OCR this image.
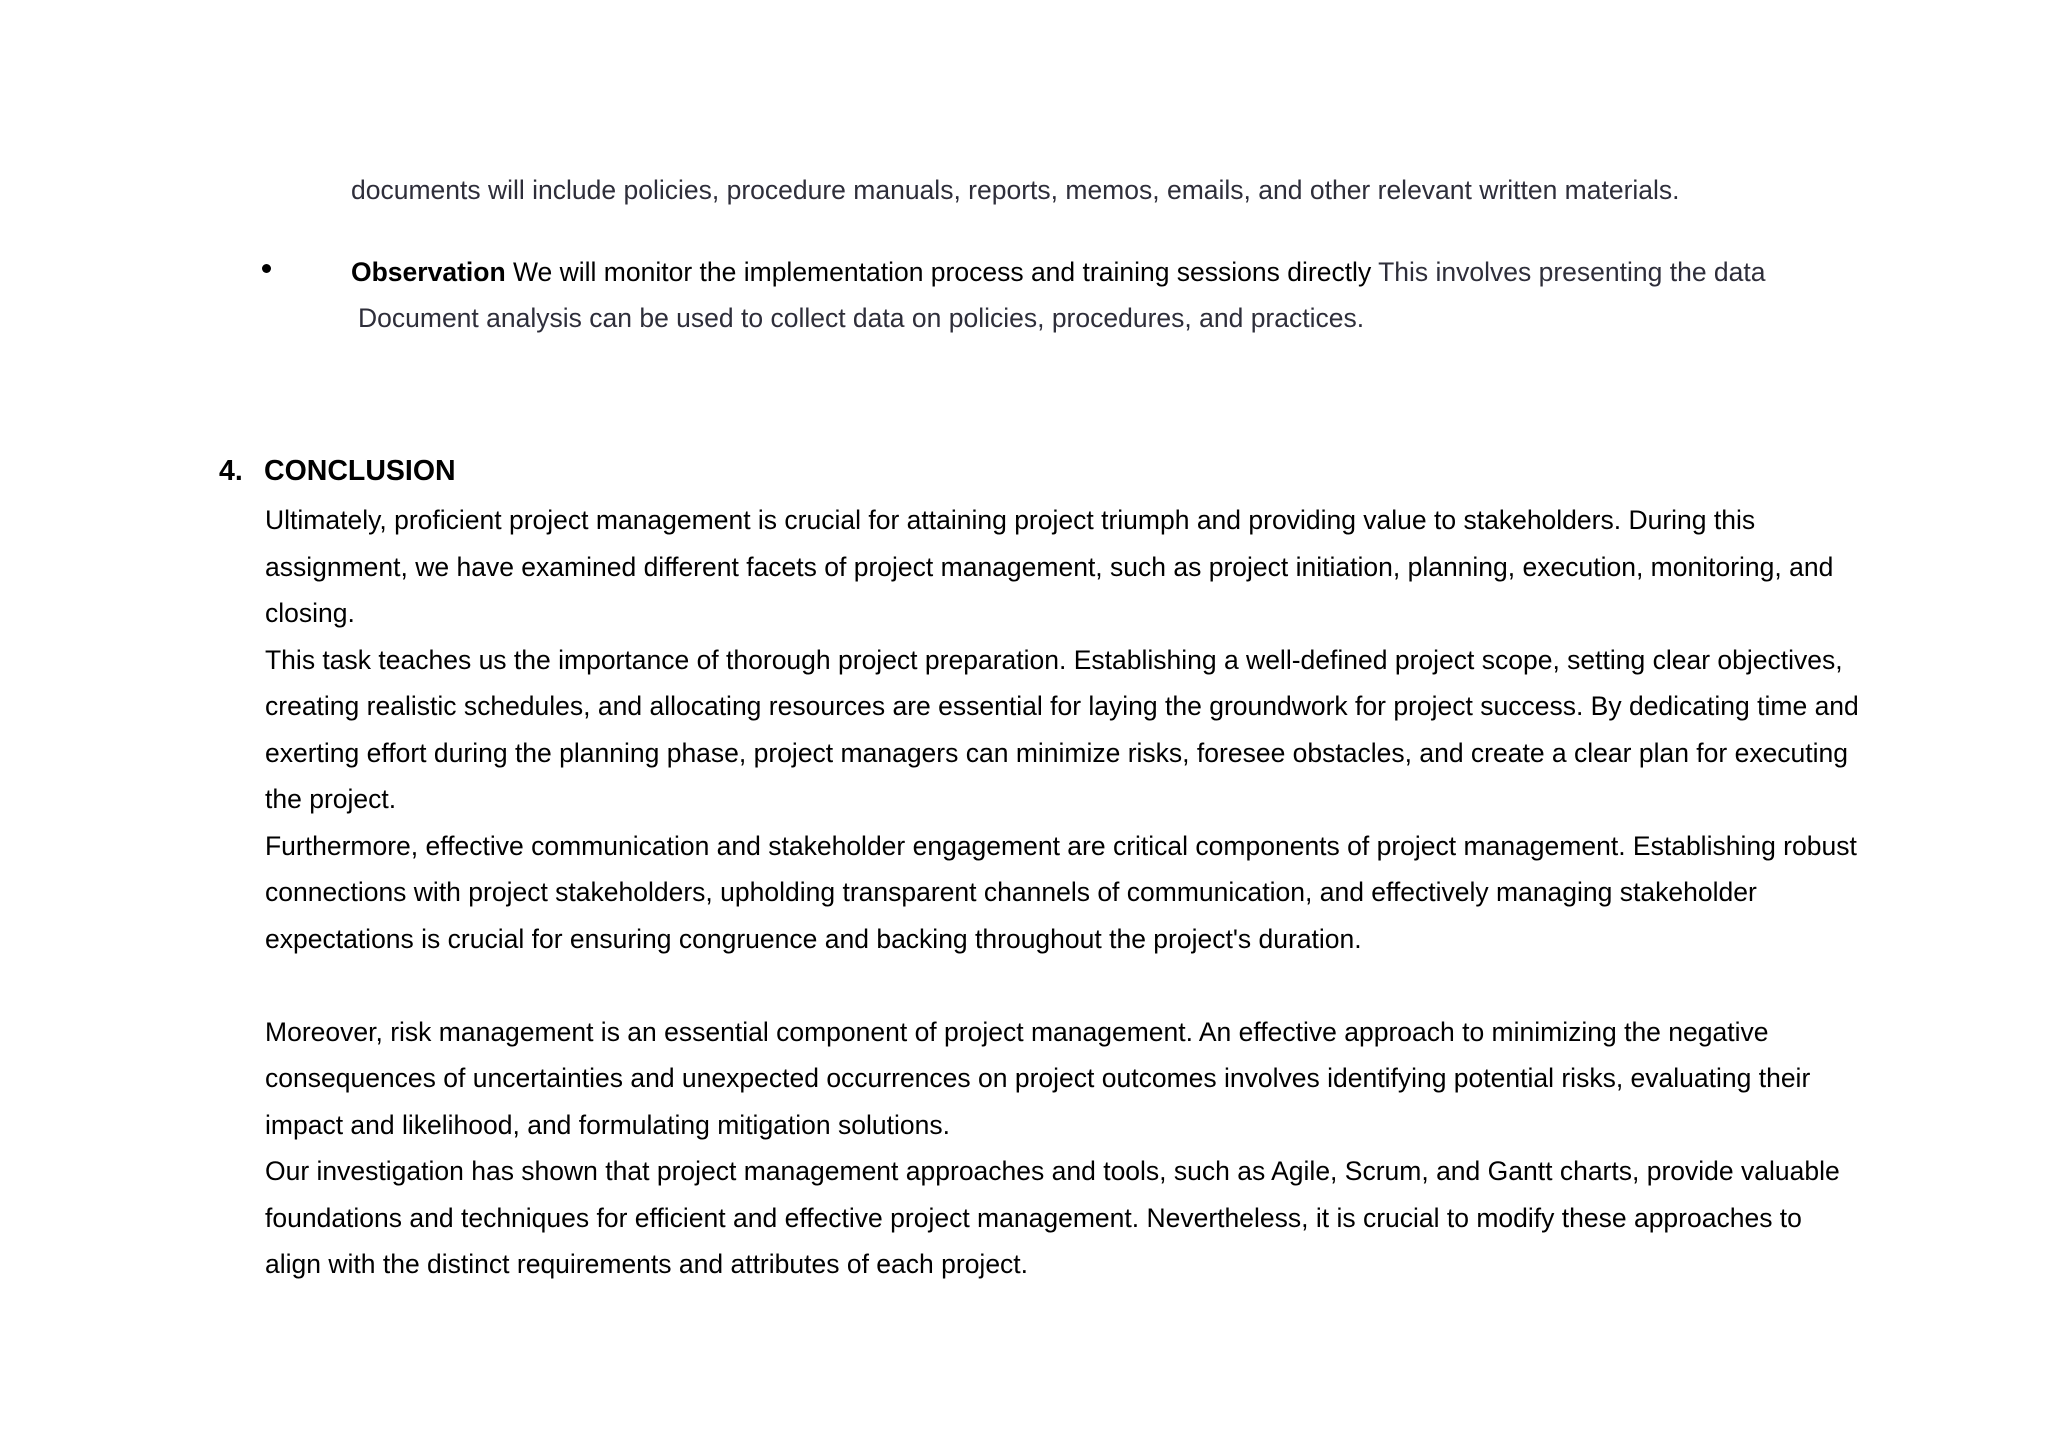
documents will include policies, procedure manuals, reports, memos, emails, and other relevant written materials.
Observation We will monitor the implementation process and training sessions directly This involves presenting the data
Document analysis can be used to collect data on policies, procedures, and practices.
4. CONCLUSION

Ultimately, proficient project management is crucial for attaining project triumph and providing value to stakeholders. During this

assignment, we have examined different facets of project management, such as project initiation, planning, execution, monitoring, and

closing.

This task teaches us the importance of thorough project preparation. Establishing a well-defined project scope, setting clear objectives,

creating realistic schedules, and allocating resources are essential for laying the groundwork for project success. By dedicating time and

exerting effort during the planning phase, project managers can minimize risks, foresee obstacles, and create a clear plan for executing

the project.

Furthermore, effective communication and stakeholder engagement are critical components of project management. Establishing robust

connections with project stakeholders, upholding transparent channels of communication, and effectively managing stakeholder

expectations is crucial for ensuring congruence and backing throughout the project's duration.

Moreover, risk management is an essential component of project management. An effective approach to minimizing the negative

consequences of uncertainties and unexpected occurrences on project outcomes involves identifying potential risks, evaluating their

impact and likelihood, and formulating mitigation solutions.

Our investigation has shown that project management approaches and tools, such as Agile, Scrum, and Gantt charts, provide valuable

foundations and techniques for efficient and effective project management. Nevertheless, it is crucial to modify these approaches to

align with the distinct requirements and attributes of each project.
